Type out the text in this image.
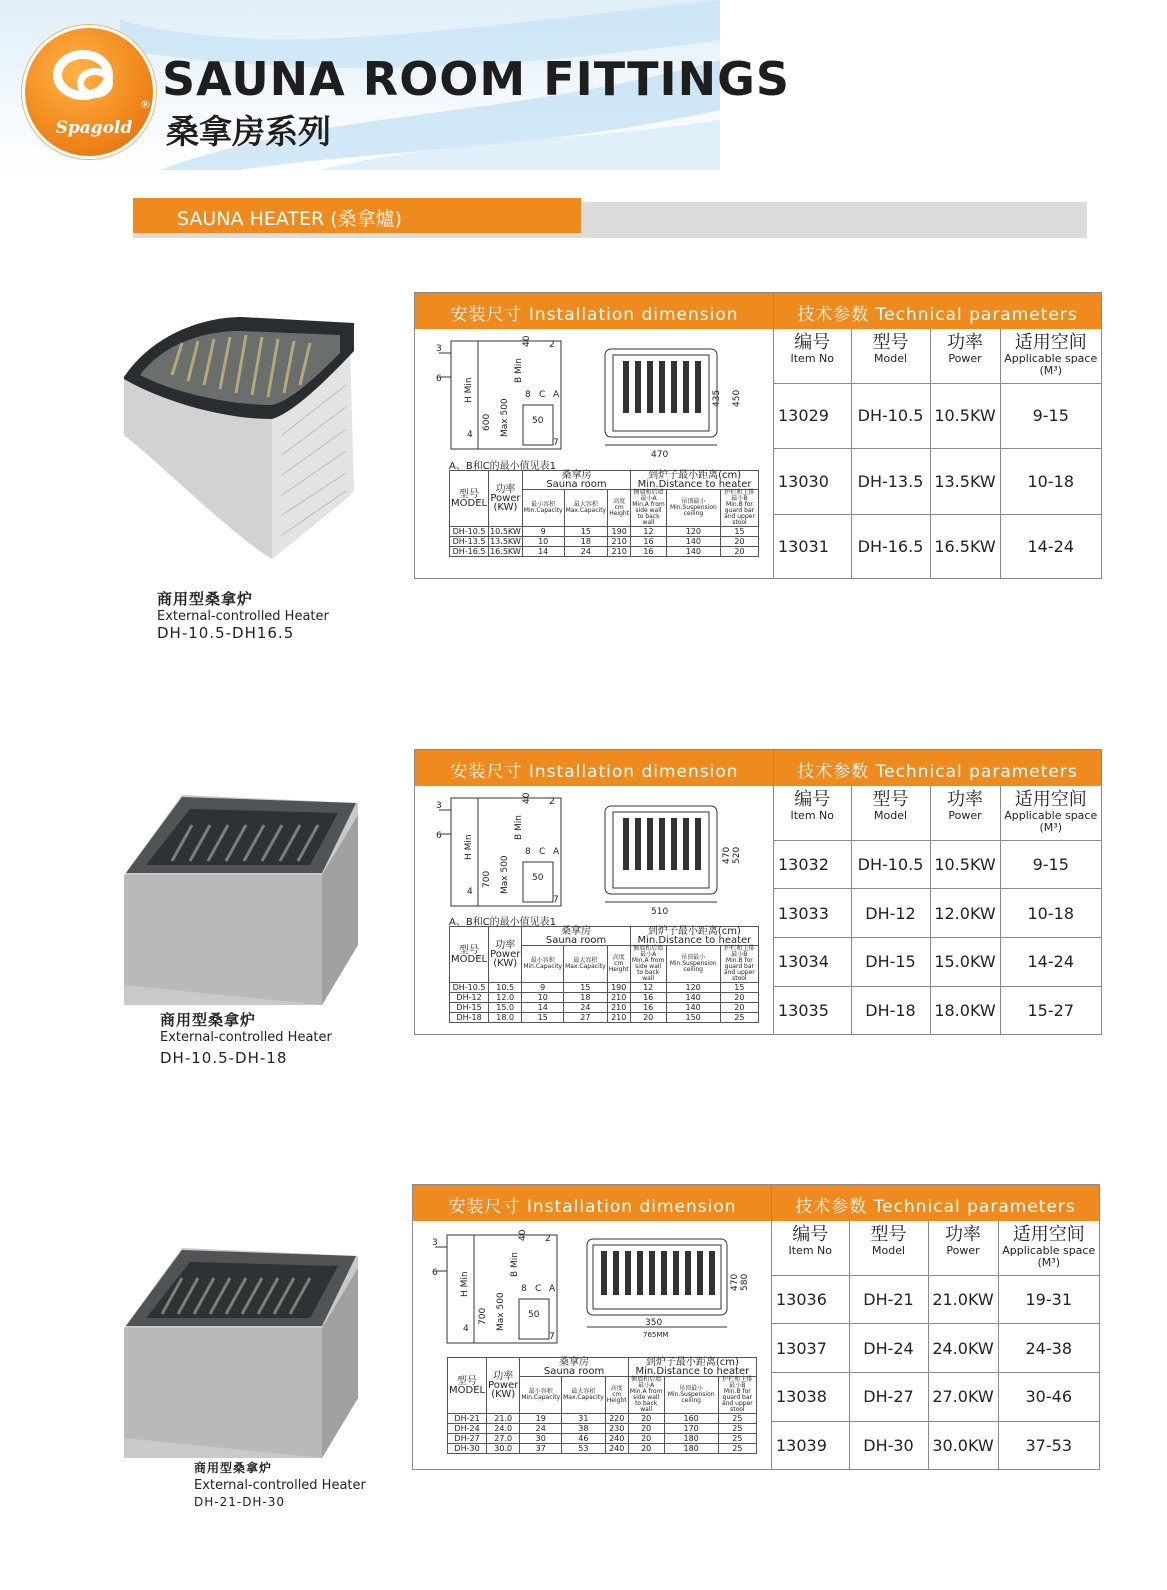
Spagold
® SAUNA ROOM FITTINGS
桑拿房系列
SAUNA HEATER (桑拿爐)
商用型桑拿炉
External-controlled Heater
DH-10.5-DH16.5
商用型桑拿炉
External-controlled Heater
DH-10.5-DH-18
商用型桑拿炉
External-controlled Heater
DH-21-DH-30
安装尺寸 Installation dimension	技术参数 Technical parameters
3
6
4
8
2
7
C A
50
H Min
B Min
Max 500
600
40
470
435 450
A、B和C的最小值见表1
型号
MODEL	功率
Power
(KW)	桑拿房
Sauna room			到炉子最小距离(cm)
Min.Distance to heater		
		最小容积
Min.Capacity	最大容积
Max.Capacity	高度cm
Height	侧墙和后墙最小A
Min.A from side wall to back wall	吊顶最小
Min.Suspension ceiling	护栏和上排最小B
Min.B for guard bar and upper stool
DH-10.5	10.5KW	9	15	190	12	120	15
DH-13.5	13.5KW	10	18	210	16	140	20
DH-16.5	16.5KW	14	24	210	16	140	20
编号
Item No	型号
Model	功率
Power	适用空间
Applicable space
(M³)

13029	DH-10.5	10.5KW	9-15
13030	DH-13.5	13.5KW	10-18
13031	DH-16.5	16.5KW	14-24
安装尺寸 Installation dimension	技术参数 Technical parameters
3
6
4
8
2
7
C A
50
H Min
B Min
Max 500
700
40
510
470 520
A、B和C的最小值见表1
型号
MODEL	功率
Power
(KW)	桑拿房
Sauna room			到炉子最小距离(cm)
Min.Distance to heater		
		最小容积
Min.Capacity	最大容积
Max.Capacity	高度cm
Height	侧墙和后墙最小A
Min.A from side wall to back wall	吊顶最小
Min.Suspension ceiling	护栏和上排最小B
Min.B for guard bar and upper stool
DH-10.5	10.5	9	15	190	12	120	15
DH-12	12.0	10	18	210	16	140	20
DH-15	15.0	14	24	210	16	140	20
DH-18	18.0	15	27	210	20	150	25
编号
Item No	型号
Model	功率
Power	适用空间
Applicable space
(M³)

13032	DH-10.5	10.5KW	9-15
13033	DH-12	12.0KW	10-18
13034	DH-15	15.0KW	14-24
13035	DH-18	18.0KW	15-27
安装尺寸 Installation dimension	技术参数 Technical parameters
3
6
4
8
2
7
C A
50
H Min
B Min
Max 500
700
40
350
765MM
470 580
型号
MODEL	功率
Power
(KW)	桑拿房
Sauna room			到炉子最小距离(cm)
Min.Distance to heater		
		最小容积
Min.Capacity	最大容积
Max.Capacity	高度cm
Height	侧墙和后墙最小A
Min.A from side wall to back wall	吊顶最小
Min.Suspension ceiling	护栏和上排最小B
Min.B for guard bar and upper stool
DH-21	21.0	19	31	220	20	160	25
DH-24	24.0	24	38	230	20	170	25
DH-27	27.0	30	46	240	20	180	25
DH-30	30.0	37	53	240	20	180	25
编号
Item No	型号
Model	功率
Power	适用空间
Applicable space
(M³)

13036	DH-21	21.0KW	19-31
13037	DH-24	24.0KW	24-38
13038	DH-27	27.0KW	30-46
13039	DH-30	30.0KW	37-53
